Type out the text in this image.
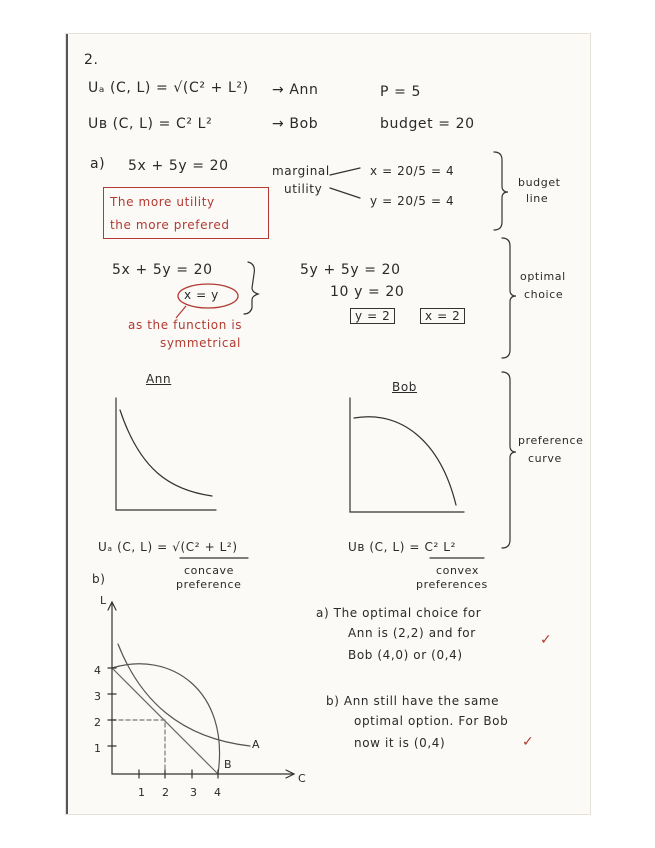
2.
Uₐ (C, L) = √(C² + L²) → Ann	P = 5
Uʙ (C, L) = C² L²	→ Bob	budget = 20
a) 5x + 5y = 20	marginal
utility
x = 20/5 = 4
y = 20/5 = 4
budget
line
The more utility
the more prefered
5x + 5y = 20
x = y
as the function is
symmetrical
5y + 5y = 20
10 y = 20
y = 2	x = 2
optimal
choice
Ann
Bob
preference
curve
Uₐ (C, L) = √(C² + L²)
concave
preference
Uʙ (C, L) = C² L²
convex
preferences
b)
L
C
4
3
2
1
1 2 3 4
A
B
a) The optimal choice for
Ann is (2,2) and for
Bob (4,0) or (0,4)
✓
b) Ann still have the same
optimal option. For Bob
now it is (0,4)	✓
